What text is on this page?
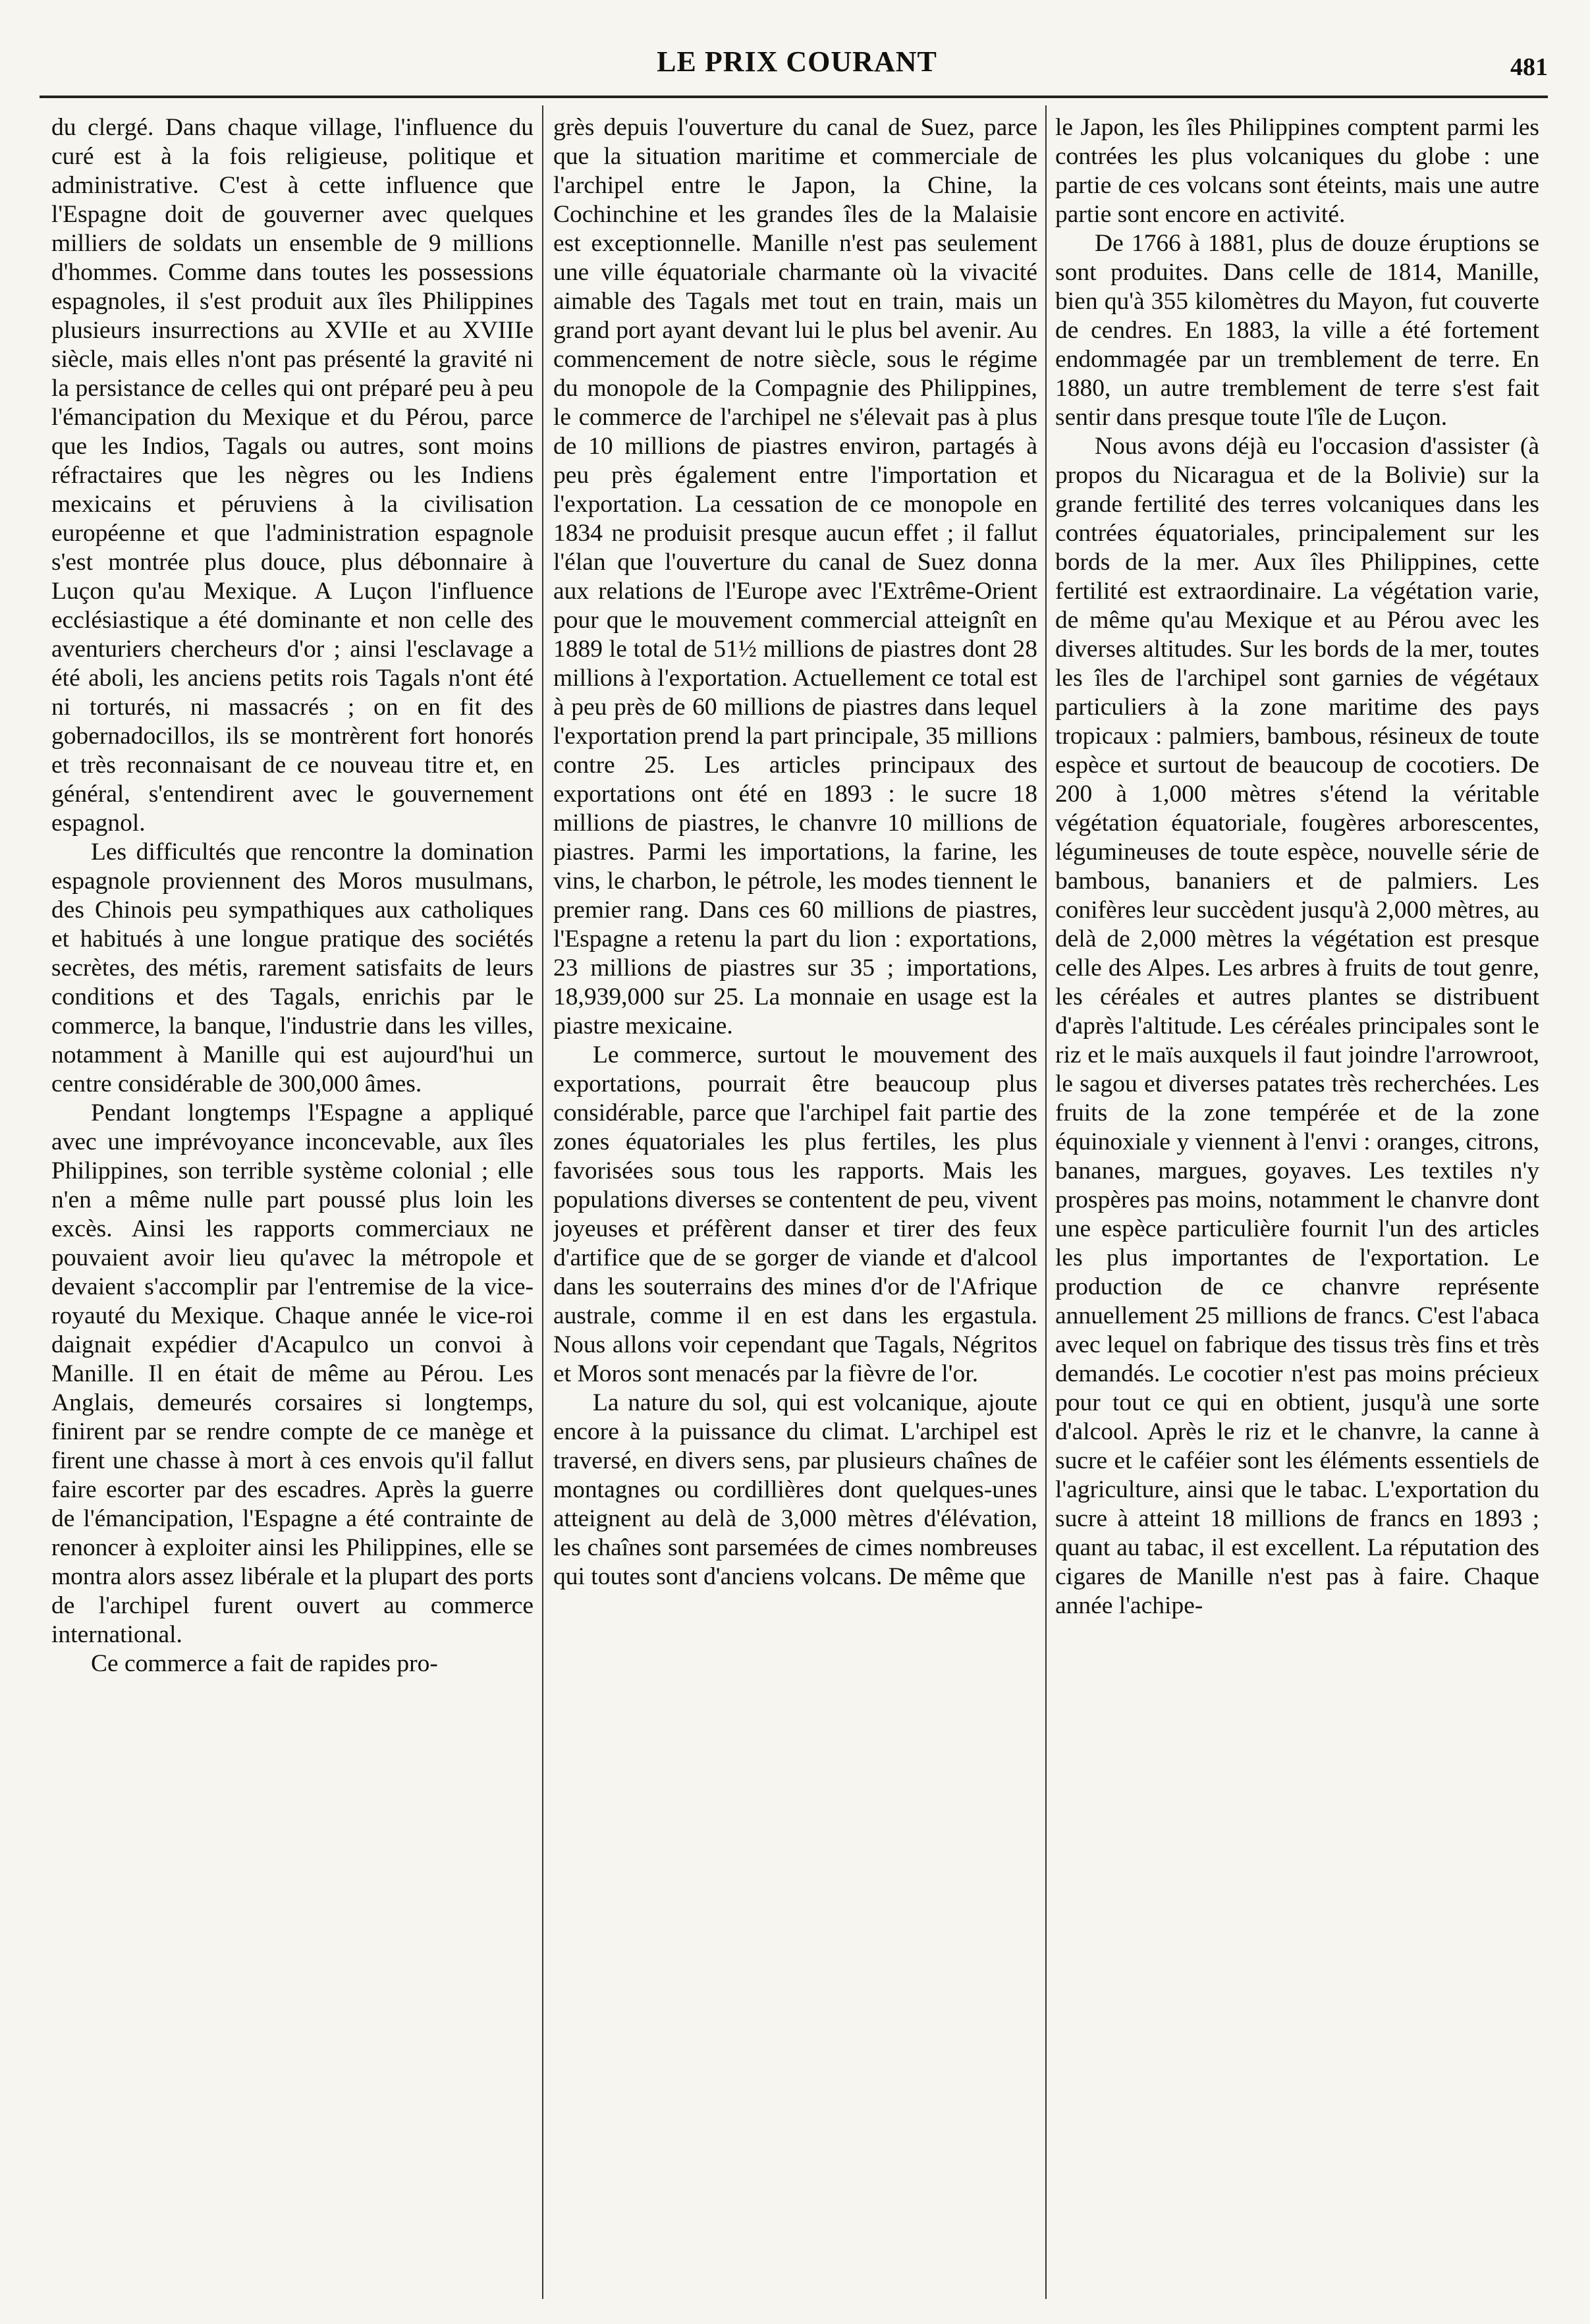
LE PRIX COURANT	481

du clergé. Dans chaque village, l'influence du curé est à la fois religieuse, politique et administrative. C'est à cette influence que l'Espagne doit de gouverner avec quelques milliers de soldats un ensemble de 9 millions d'hommes. Comme dans toutes les possessions espagnoles, il s'est produit aux îles Philippines plusieurs insurrections au XVIIe et au XVIIIe siècle, mais elles n'ont pas présenté la gravité ni la persistance de celles qui ont préparé peu à peu l'émancipation du Mexique et du Pérou, parce que les Indios, Tagals ou autres, sont moins réfractaires que les nègres ou les Indiens mexicains et péruviens à la civilisation européenne et que l'administration espagnole s'est montrée plus douce, plus débonnaire à Luçon qu'au Mexique. A Luçon l'influence ecclésiastique a été dominante et non celle des aventuriers chercheurs d'or ; ainsi l'esclavage a été aboli, les anciens petits rois Tagals n'ont été ni torturés, ni massacrés ; on en fit des gobernadocillos, ils se montrèrent fort honorés et très reconnaisant de ce nouveau titre et, en général, s'entendirent avec le gouvernement espagnol.

Les difficultés que rencontre la domination espagnole proviennent des Moros musulmans, des Chinois peu sympathiques aux catholiques et habitués à une longue pratique des sociétés secrètes, des métis, rarement satisfaits de leurs conditions et des Tagals, enrichis par le commerce, la banque, l'industrie dans les villes, notamment à Manille qui est aujourd'hui un centre considérable de 300,000 âmes.

Pendant longtemps l'Espagne a appliqué avec une imprévoyance inconcevable, aux îles Philippines, son terrible système colonial ; elle n'en a même nulle part poussé plus loin les excès. Ainsi les rapports commerciaux ne pouvaient avoir lieu qu'avec la métropole et devaient s'accomplir par l'entremise de la vice-royauté du Mexique. Chaque année le vice-roi daignait expédier d'Acapulco un convoi à Manille. Il en était de même au Pérou. Les Anglais, demeurés corsaires si longtemps, finirent par se rendre compte de ce manège et firent une chasse à mort à ces envois qu'il fallut faire escorter par des escadres. Après la guerre de l'émancipation, l'Espagne a été contrainte de renoncer à exploiter ainsi les Philippines, elle se montra alors assez libérale et la plupart des ports de l'archipel furent ouvert au commerce international.

Ce commerce a fait de rapides pro-

grès depuis l'ouverture du canal de Suez, parce que la situation maritime et commerciale de l'archipel entre le Japon, la Chine, la Cochinchine et les grandes îles de la Malaisie est exceptionnelle. Manille n'est pas seulement une ville équatoriale charmante où la vivacité aimable des Tagals met tout en train, mais un grand port ayant devant lui le plus bel avenir. Au commencement de notre siècle, sous le régime du monopole de la Compagnie des Philippines, le commerce de l'archipel ne s'élevait pas à plus de 10 millions de piastres environ, partagés à peu près également entre l'importation et l'exportation. La cessation de ce monopole en 1834 ne produisit presque aucun effet ; il fallut l'élan que l'ouverture du canal de Suez donna aux relations de l'Europe avec l'Extrême-Orient pour que le mouvement commercial atteignît en 1889 le total de 51½ millions de piastres dont 28 millions à l'exportation. Actuellement ce total est à peu près de 60 millions de piastres dans lequel l'exportation prend la part principale, 35 millions contre 25. Les articles principaux des exportations ont été en 1893 : le sucre 18 millions de piastres, le chanvre 10 millions de piastres. Parmi les importations, la farine, les vins, le charbon, le pétrole, les modes tiennent le premier rang. Dans ces 60 millions de piastres, l'Espagne a retenu la part du lion : exportations, 23 millions de piastres sur 35 ; importations, 18,939,000 sur 25. La monnaie en usage est la piastre mexicaine.

Le commerce, surtout le mouvement des exportations, pourrait être beaucoup plus considérable, parce que l'archipel fait partie des zones équatoriales les plus fertiles, les plus favorisées sous tous les rapports. Mais les populations diverses se contentent de peu, vivent joyeuses et préfèrent danser et tirer des feux d'artifice que de se gorger de viande et d'alcool dans les souterrains des mines d'or de l'Afrique australe, comme il en est dans les ergastula. Nous allons voir cependant que Tagals, Négritos et Moros sont menacés par la fièvre de l'or.

La nature du sol, qui est volcanique, ajoute encore à la puissance du climat. L'archipel est traversé, en divers sens, par plusieurs chaînes de montagnes ou cordillières dont quelques-unes atteignent au delà de 3,000 mètres d'élévation, les chaînes sont parsemées de cimes nombreuses qui toutes sont d'anciens volcans. De même que

le Japon, les îles Philippines comptent parmi les contrées les plus volcaniques du globe : une partie de ces volcans sont éteints, mais une autre partie sont encore en activité.

De 1766 à 1881, plus de douze éruptions se sont produites. Dans celle de 1814, Manille, bien qu'à 355 kilomètres du Mayon, fut couverte de cendres. En 1883, la ville a été fortement endommagée par un tremblement de terre. En 1880, un autre tremblement de terre s'est fait sentir dans presque toute l'île de Luçon.

Nous avons déjà eu l'occasion d'assister (à propos du Nicaragua et de la Bolivie) sur la grande fertilité des terres volcaniques dans les contrées équatoriales, principalement sur les bords de la mer. Aux îles Philippines, cette fertilité est extraordinaire. La végétation varie, de même qu'au Mexique et au Pérou avec les diverses altitudes. Sur les bords de la mer, toutes les îles de l'archipel sont garnies de végétaux particuliers à la zone maritime des pays tropicaux : palmiers, bambous, résineux de toute espèce et surtout de beaucoup de cocotiers. De 200 à 1,000 mètres s'étend la véritable végétation équatoriale, fougères arborescentes, légumineuses de toute espèce, nouvelle série de bambous, bananiers et de palmiers. Les conifères leur succèdent jusqu'à 2,000 mètres, au delà de 2,000 mètres la végétation est presque celle des Alpes. Les arbres à fruits de tout genre, les céréales et autres plantes se distribuent d'après l'altitude. Les céréales principales sont le riz et le maïs auxquels il faut joindre l'arrowroot, le sagou et diverses patates très recherchées. Les fruits de la zone tempérée et de la zone équinoxiale y viennent à l'envi : oranges, citrons, bananes, margues, goyaves. Les textiles n'y prospères pas moins, notamment le chanvre dont une espèce particulière fournit l'un des articles les plus importantes de l'exportation. Le production de ce chanvre représente annuellement 25 millions de francs. C'est l'abaca avec lequel on fabrique des tissus très fins et très demandés. Le cocotier n'est pas moins précieux pour tout ce qui en obtient, jusqu'à une sorte d'alcool. Après le riz et le chanvre, la canne à sucre et le caféier sont les éléments essentiels de l'agriculture, ainsi que le tabac. L'exportation du sucre à atteint 18 millions de francs en 1893 ; quant au tabac, il est excellent. La réputation des cigares de Manille n'est pas à faire. Chaque année l'achipe-
